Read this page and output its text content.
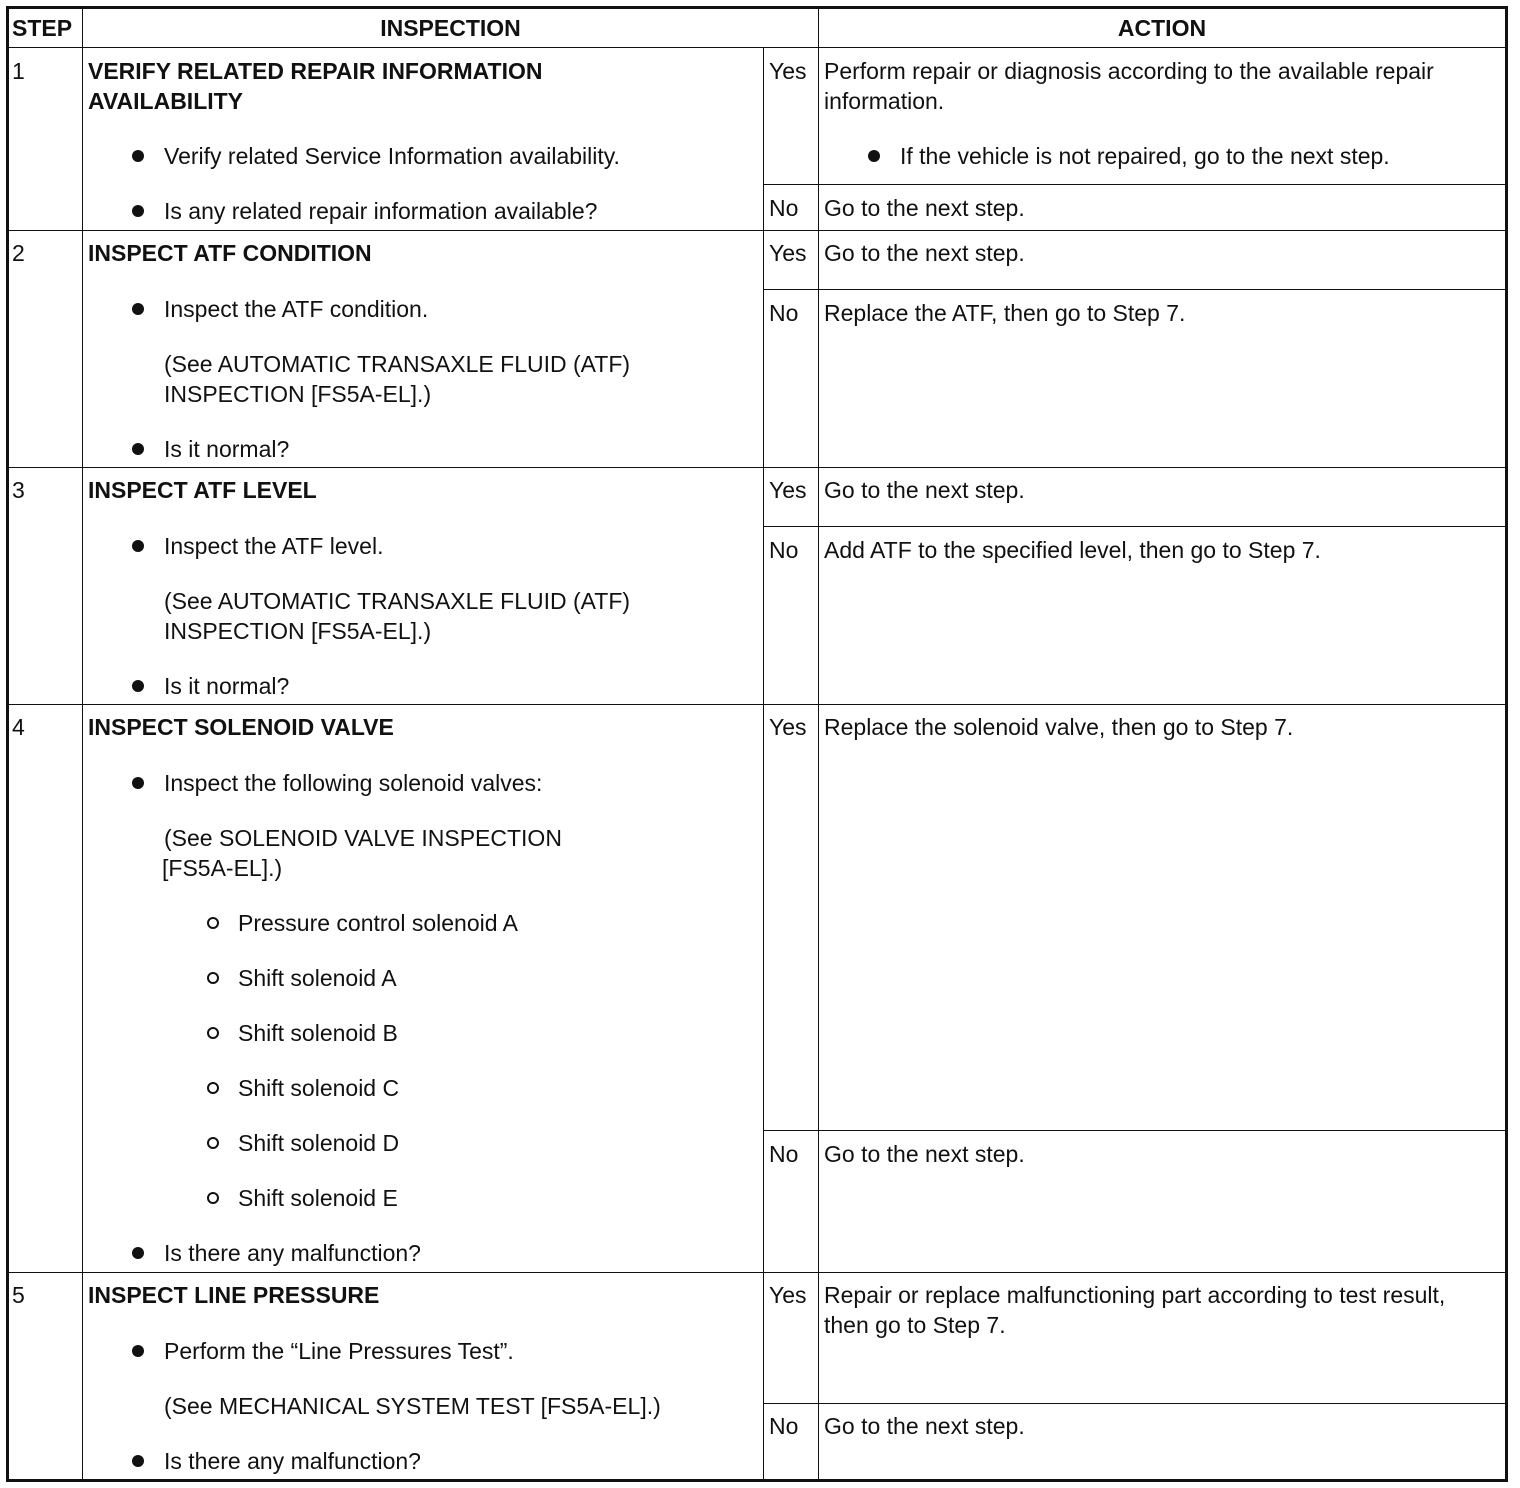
STEP	INSPECTION	ACTION
1	VERIFY RELATED REPAIR INFORMATION
AVAILABILITY
Verify related Service Information availability.
Is any related repair information available?
Yes Perform repair or diagnosis according to the available repair
information.
If the vehicle is not repaired, go to the next step.
No Go to the next step.
2	INSPECT ATF CONDITION
Inspect the ATF condition.
(See AUTOMATIC TRANSAXLE FLUID (ATF)
INSPECTION [FS5A-EL].)
Is it normal?
Yes Go to the next step.
No Replace the ATF, then go to Step 7.
3	INSPECT ATF LEVEL
Inspect the ATF level.
(See AUTOMATIC TRANSAXLE FLUID (ATF)
INSPECTION [FS5A-EL].)
Is it normal?
Yes Go to the next step.
No Add ATF to the specified level, then go to Step 7.
4	INSPECT SOLENOID VALVE
Inspect the following solenoid valves:
(See SOLENOID VALVE INSPECTION
[FS5A-EL].)
Pressure control solenoid A
Shift solenoid A
Shift solenoid B
Shift solenoid C
Shift solenoid D
Shift solenoid E
Is there any malfunction?
Yes Replace the solenoid valve, then go to Step 7.
No Go to the next step.
5	INSPECT LINE PRESSURE
Perform the “Line Pressures Test”.
(See MECHANICAL SYSTEM TEST [FS5A-EL].)
Is there any malfunction?
Yes Repair or replace malfunctioning part according to test result,
then go to Step 7.
No Go to the next step.
